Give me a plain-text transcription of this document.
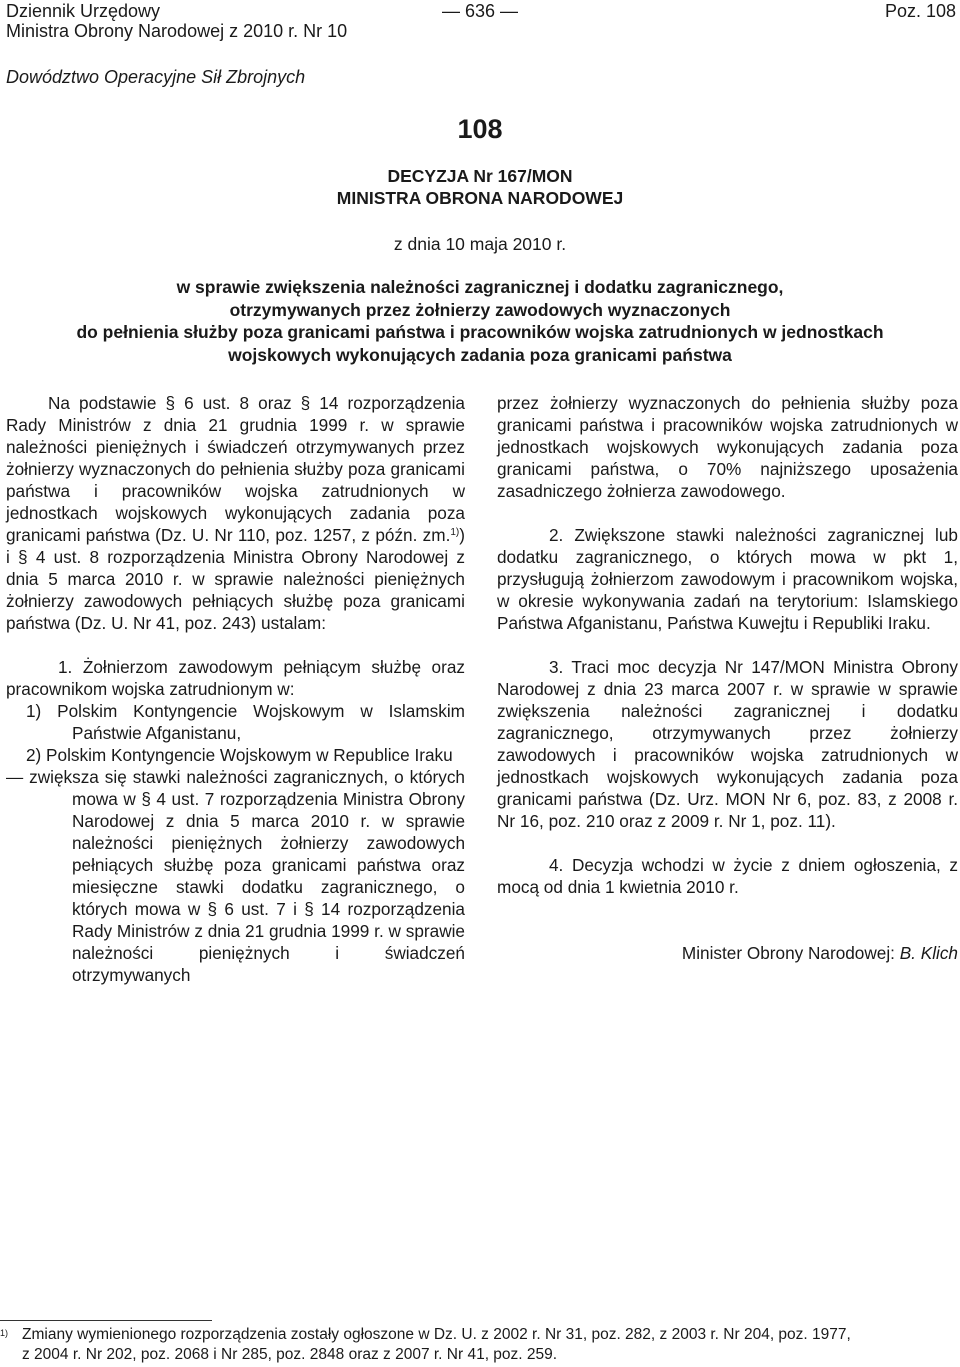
Dziennik Urzędowy
Ministra Obrony Narodowej z 2010 r. Nr 10
— 636 —	Poz. 108
Dowództwo Operacyjne Sił Zbrojnych
108
DECYZJA Nr 167/MON
MINISTRA OBRONA NARODOWEJ
z dnia 10 maja 2010 r.
w sprawie zwiększenia należności zagranicznej i dodatku zagranicznego,
otrzymywanych przez żołnierzy zawodowych wyznaczonych
do pełnienia służby poza granicami państwa i pracowników wojska zatrudnionych w jednostkach
wojskowych wykonujących zadania poza granicami państwa

Na podstawie § 6 ust. 8 oraz § 14 rozporządzenia Rady Ministrów z dnia 21 grudnia 1999 r. w sprawie należności pieniężnych i świadczeń otrzymywanych przez żołnierzy wyznaczonych do pełnienia służby poza granicami państwa i pracowników wojska zatrudnionych w jednostkach wojskowych wykonujących zadania poza granicami państwa (Dz. U. Nr 110, poz. 1257, z późn. zm.$^{1)}$) i § 4 ust. 8 rozporządzenia Ministra Obrony Narodowej z dnia 5 marca 2010 r. w sprawie należności pieniężnych żołnierzy zawodowych pełniących służbę poza granicami państwa (Dz. U. Nr 41, poz. 243) ustalam:

1. Żołnierzom zawodowym pełniącym służbę oraz pracownikom wojska zatrudnionym w:

1) Polskim Kontyngencie Wojskowym w Islamskim Państwie Afganistanu,

2) Polskim Kontyngencie Wojskowym w Republice Iraku

— zwiększa się stawki należności zagranicznych, o których mowa w § 4 ust. 7 rozporządzenia Ministra Obrony Narodowej z dnia 5 marca 2010 r. w sprawie należności pieniężnych żołnierzy zawodowych pełniących służbę poza granicami państwa oraz miesięczne stawki dodatku zagranicznego, o których mowa w § 6 ust. 7 i § 14 rozporządzenia Rady Ministrów z dnia 21 grudnia 1999 r. w sprawie należności pieniężnych i świadczeń otrzymywanych

przez żołnierzy wyznaczonych do pełnienia służby poza granicami państwa i pracowników wojska zatrudnionych w jednostkach wojskowych wykonujących zadania poza granicami państwa, o 70% najniższego uposażenia zasadniczego żołnierza zawodowego.

2. Zwiększone stawki należności zagranicznej lub dodatku zagranicznego, o których mowa w pkt 1, przysługują żołnierzom zawodowym i pracownikom wojska, w okresie wykonywania zadań na terytorium: Islamskiego Państwa Afganistanu, Państwa Kuwejtu i Republiki Iraku.

3. Traci moc decyzja Nr 147/MON Ministra Obrony Narodowej z dnia 23 marca 2007 r. w sprawie w sprawie zwiększenia należności zagranicznej i dodatku zagranicznego, otrzymywanych przez żołnierzy zawodowych i pracowników wojska zatrudnionych w jednostkach wojskowych wykonujących zadania poza granicami państwa (Dz. Urz. MON Nr 6, poz. 83, z 2008 r. Nr 16, poz. 210 oraz z 2009 r. Nr 1, poz. 11).

4. Decyzja wchodzi w życie z dniem ogłoszenia, z mocą od dnia 1 kwietnia 2010 r.

Minister Obrony Narodowej: B. Klich

1) Zmiany wymienionego rozporządzenia zostały ogłoszone w Dz. U. z 2002 r. Nr 31, poz. 282, z 2003 r. Nr 204, poz. 1977,
z 2004 r. Nr 202, poz. 2068 i Nr 285, poz. 2848 oraz z 2007 r. Nr 41, poz. 259.
